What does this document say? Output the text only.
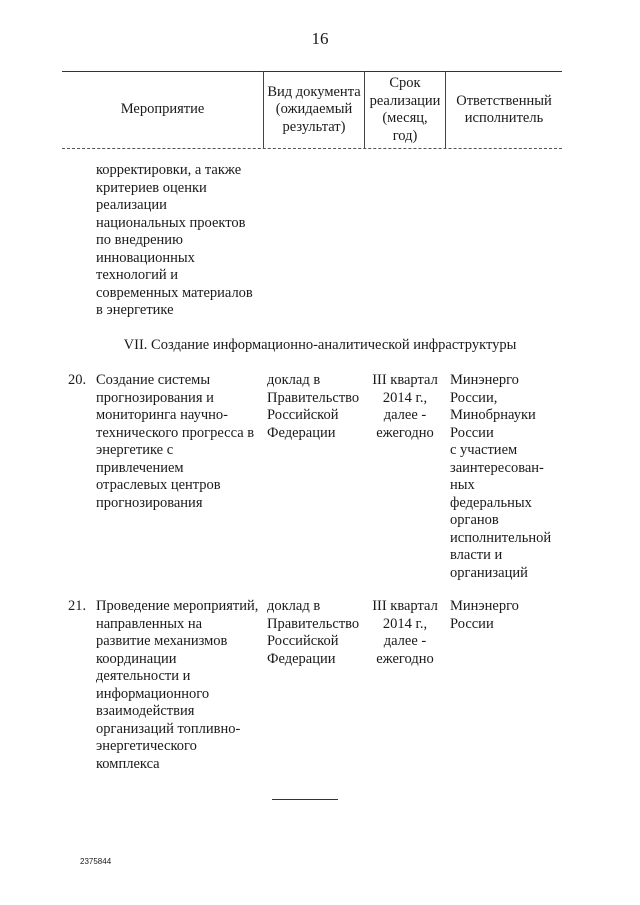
16
Мероприятие
Вид документа
(ожидаемый
результат)
Срок
реализации
(месяц,
год)
Ответственный
исполнитель
корректировки, а также
критериев оценки
реализации
национальных проектов
по внедрению
инновационных
технологий и
современных материалов
в энергетике
VII. Создание информационно-аналитической инфраструктуры
20. Создание системы
прогнозирования и
мониторинга научно-
технического прогресса в
энергетике с
привлечением
отраслевых центров
прогнозирования
доклад в
Правительство
Российской
Федерации
III квартал
2014 г.,
далее -
ежегодно
Минэнерго
России,
Минобрнауки
России
с участием
заинтересован-
ных
федеральных
органов
исполнительной
власти и
организаций
21. Проведение мероприятий,
направленных на
развитие механизмов
координации
деятельности и
информационного
взаимодействия
организаций топливно-
энергетического
комплекса
доклад в
Правительство
Российской
Федерации
III квартал
2014 г.,
далее -
ежегодно
Минэнерго
России
2375844
